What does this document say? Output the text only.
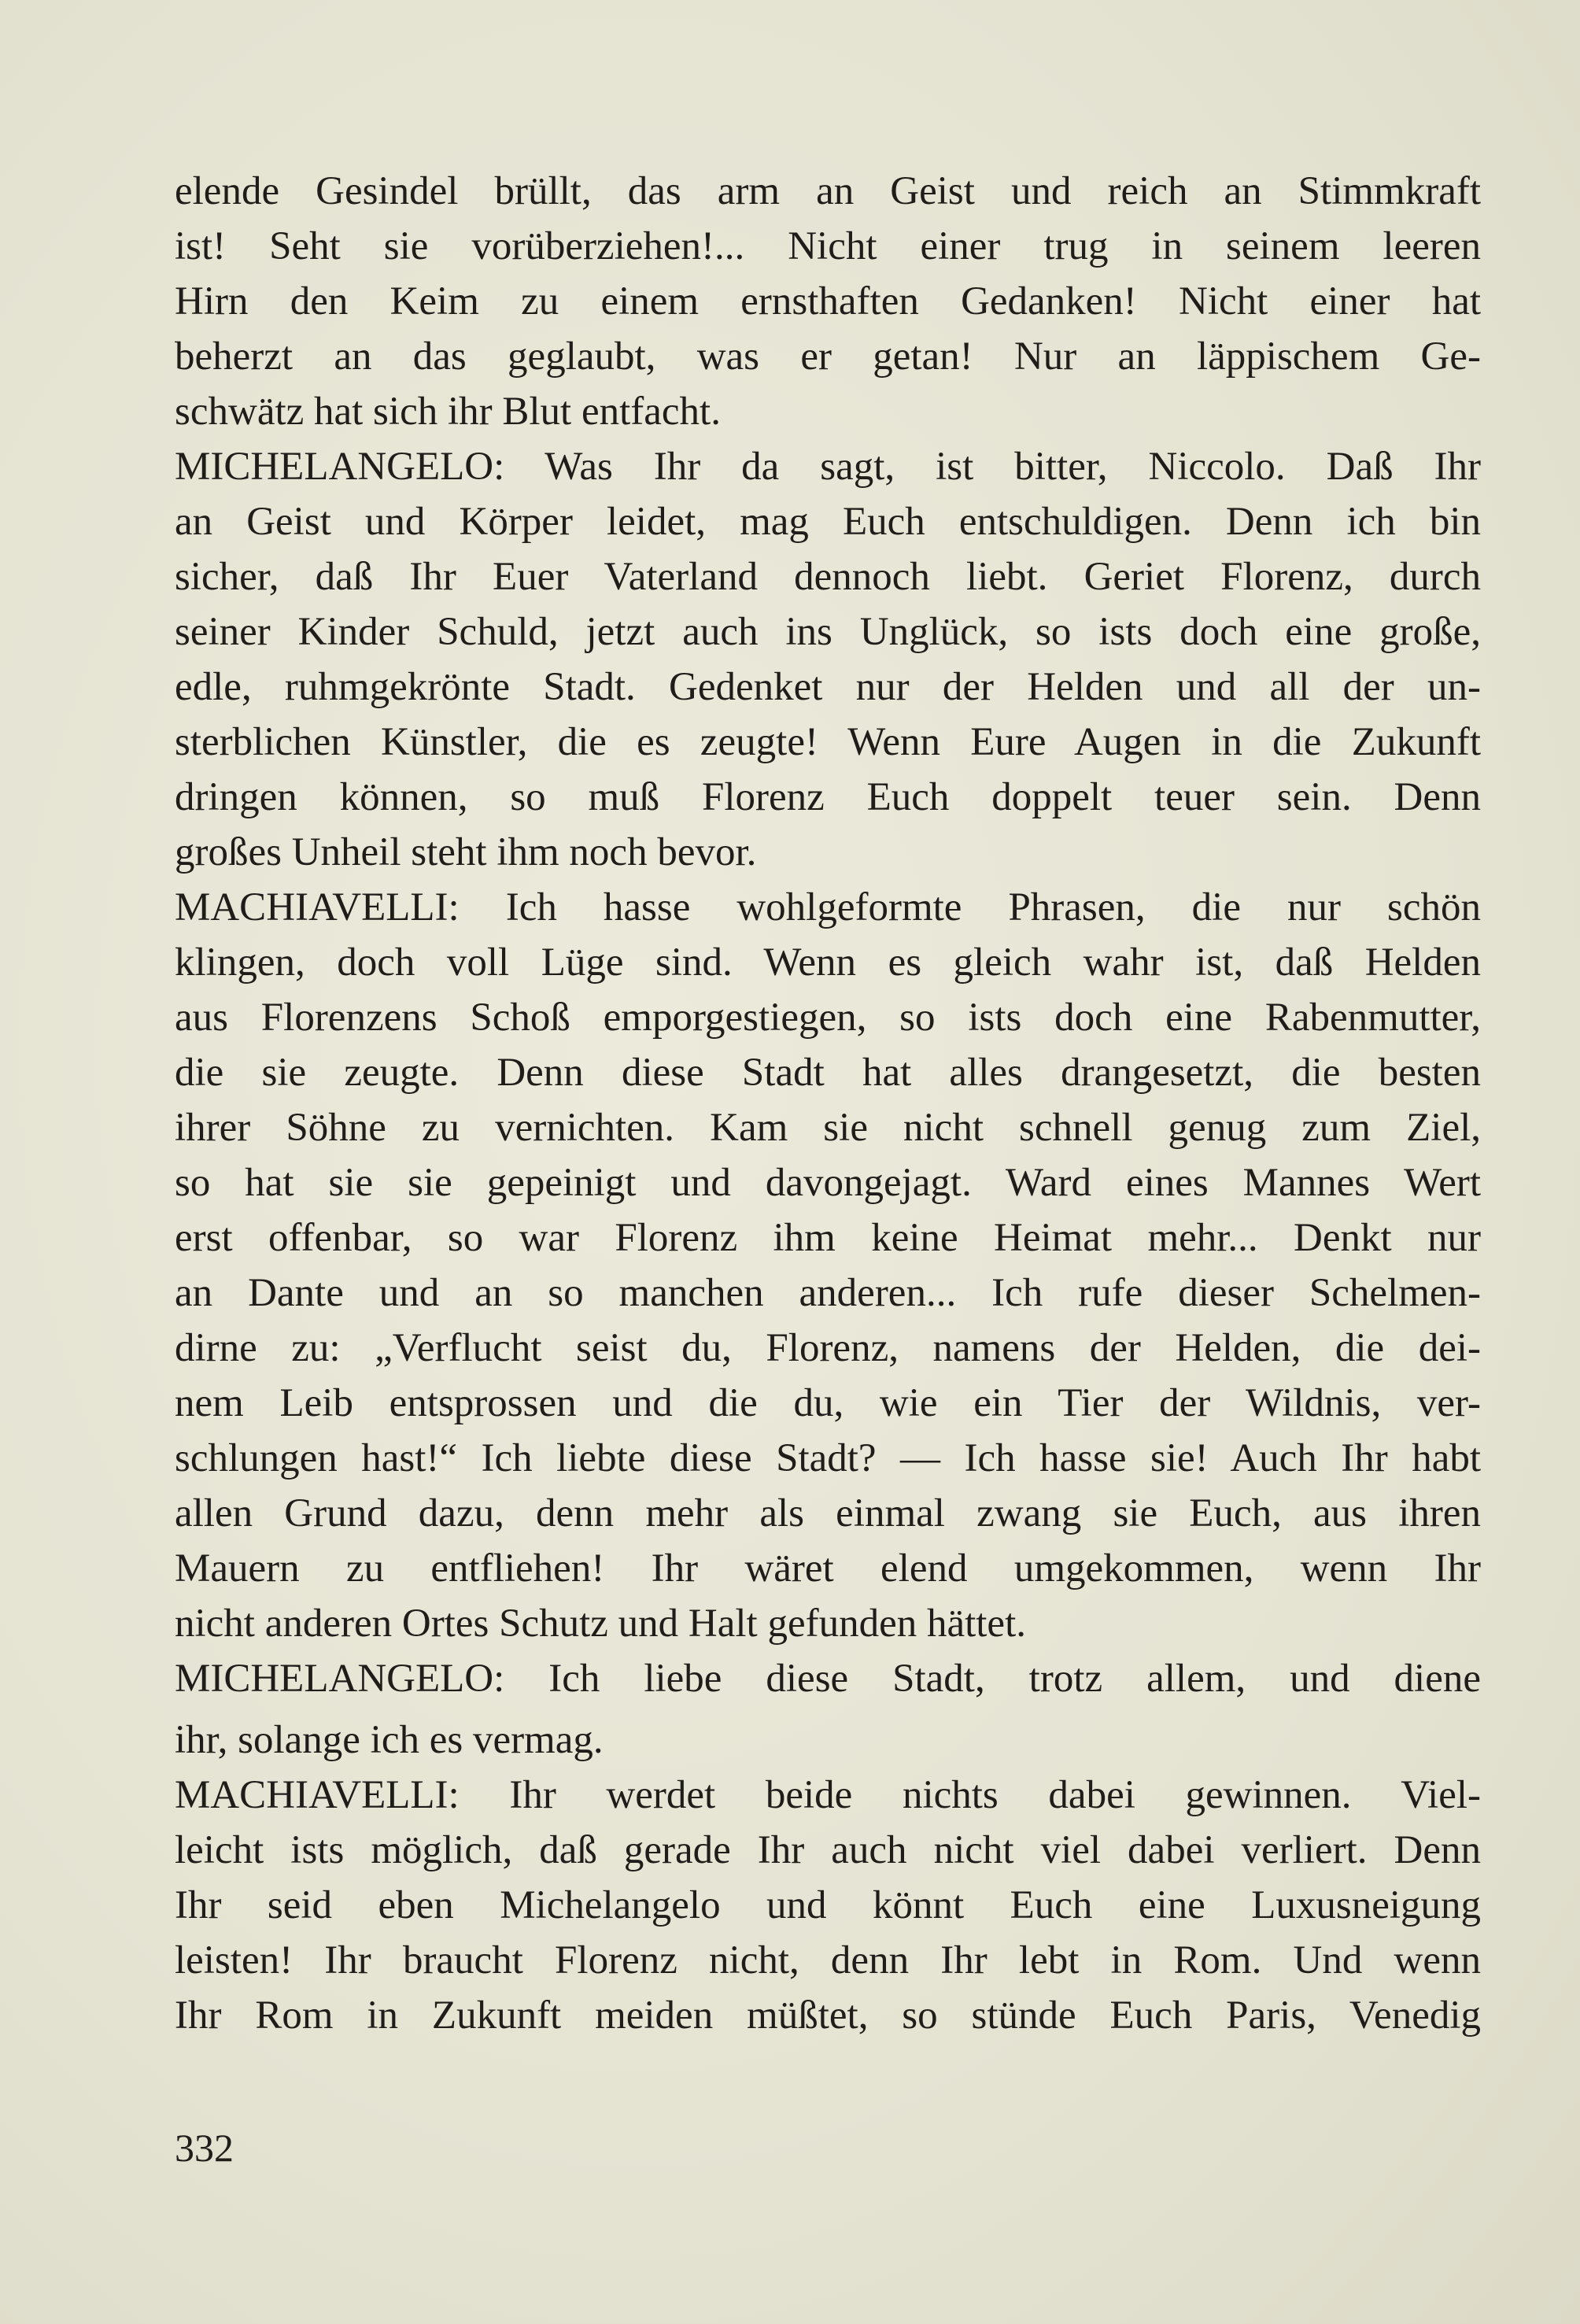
elende Gesindel brüllt, das arm an Geist und reich an Stimmkraft
ist! Seht sie vorüberziehen!... Nicht einer trug in seinem leeren
Hirn den Keim zu einem ernsthaften Gedanken! Nicht einer hat
beherzt an das geglaubt, was er getan! Nur an läppischem Ge-
schwätz hat sich ihr Blut entfacht.
MICHELANGELO: Was Ihr da sagt, ist bitter, Niccolo. Daß Ihr
an Geist und Körper leidet, mag Euch entschuldigen. Denn ich bin
sicher, daß Ihr Euer Vaterland dennoch liebt. Geriet Florenz, durch
seiner Kinder Schuld, jetzt auch ins Unglück, so ists doch eine große,
edle, ruhmgekrönte Stadt. Gedenket nur der Helden und all der un-
sterblichen Künstler, die es zeugte! Wenn Eure Augen in die Zukunft
dringen können, so muß Florenz Euch doppelt teuer sein. Denn
großes Unheil steht ihm noch bevor.
MACHIAVELLI: Ich hasse wohlgeformte Phrasen, die nur schön
klingen, doch voll Lüge sind. Wenn es gleich wahr ist, daß Helden
aus Florenzens Schoß emporgestiegen, so ists doch eine Rabenmutter,
die sie zeugte. Denn diese Stadt hat alles drangesetzt, die besten
ihrer Söhne zu vernichten. Kam sie nicht schnell genug zum Ziel,
so hat sie sie gepeinigt und davongejagt. Ward eines Mannes Wert
erst offenbar, so war Florenz ihm keine Heimat mehr... Denkt nur
an Dante und an so manchen anderen... Ich rufe dieser Schelmen-
dirne zu: „Verflucht seist du, Florenz, namens der Helden, die dei-
nem Leib entsprossen und die du, wie ein Tier der Wildnis, ver-
schlungen hast!“ Ich liebte diese Stadt? — Ich hasse sie! Auch Ihr habt
allen Grund dazu, denn mehr als einmal zwang sie Euch, aus ihren
Mauern zu entfliehen! Ihr wäret elend umgekommen, wenn Ihr
nicht anderen Ortes Schutz und Halt gefunden hättet.
MICHELANGELO: Ich liebe diese Stadt, trotz allem, und diene
ihr, solange ich es vermag.
MACHIAVELLI: Ihr werdet beide nichts dabei gewinnen. Viel-
leicht ists möglich, daß gerade Ihr auch nicht viel dabei verliert. Denn
Ihr seid eben Michelangelo und könnt Euch eine Luxusneigung
leisten! Ihr braucht Florenz nicht, denn Ihr lebt in Rom. Und wenn
Ihr Rom in Zukunft meiden müßtet, so stünde Euch Paris, Venedig
332
